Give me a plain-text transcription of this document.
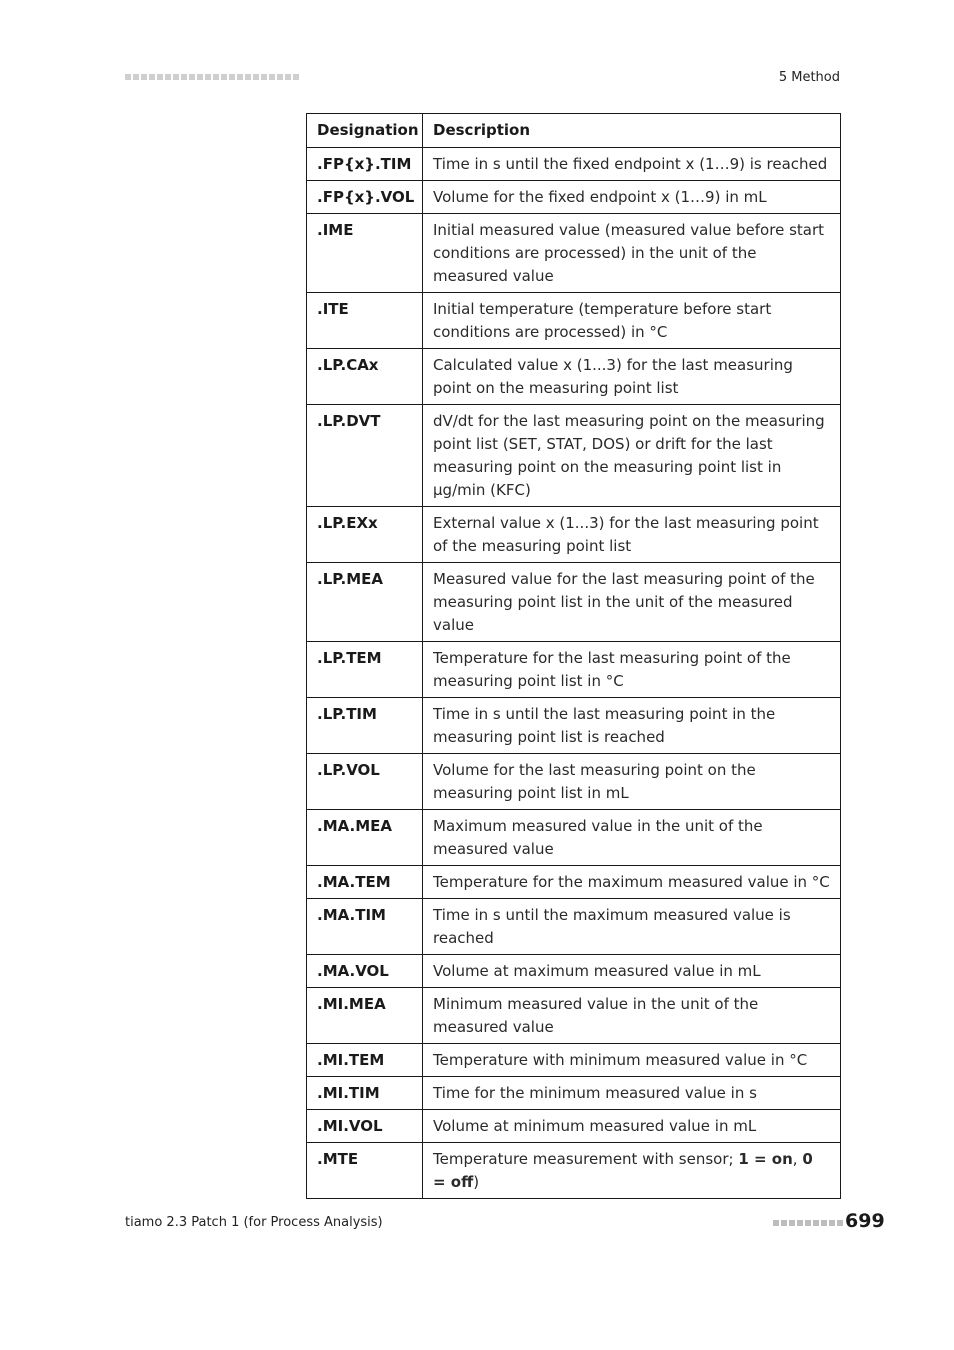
5 Method
Designation	Description
.FP{x}.TIM	Time in s until the fixed endpoint x (1…9) is reached
.FP{x}.VOL	Volume for the fixed endpoint x (1…9) in mL
.IME	Initial measured value (measured value before start conditions are processed) in the unit of the measured value
.ITE	Initial temperature (temperature before start conditions are processed) in °C
.LP.CAx	Calculated value x (1...3) for the last measuring point on the measuring point list
.LP.DVT	dV/dt for the last measuring point on the measuring point list (SET, STAT, DOS) or drift for the last measuring point on the measuring point list in µg/min (KFC)
.LP.EXx	External value x (1...3) for the last measuring point of the measuring point list
.LP.MEA	Measured value for the last measuring point of the measuring point list in the unit of the measured value
.LP.TEM	Temperature for the last measuring point of the measuring point list in °C
.LP.TIM	Time in s until the last measuring point in the measuring point list is reached
.LP.VOL	Volume for the last measuring point on the measuring point list in mL
.MA.MEA	Maximum measured value in the unit of the measured value
.MA.TEM	Temperature for the maximum measured value in °C
.MA.TIM	Time in s until the maximum measured value is reached
.MA.VOL	Volume at maximum measured value in mL
.MI.MEA	Minimum measured value in the unit of the measured value
.MI.TEM	Temperature with minimum measured value in °C
.MI.TIM	Time for the minimum measured value in s
.MI.VOL	Volume at minimum measured value in mL
.MTE	Temperature measurement with sensor; 1 = on, 0 = off)
tiamo 2.3 Patch 1 (for Process Analysis)	699
